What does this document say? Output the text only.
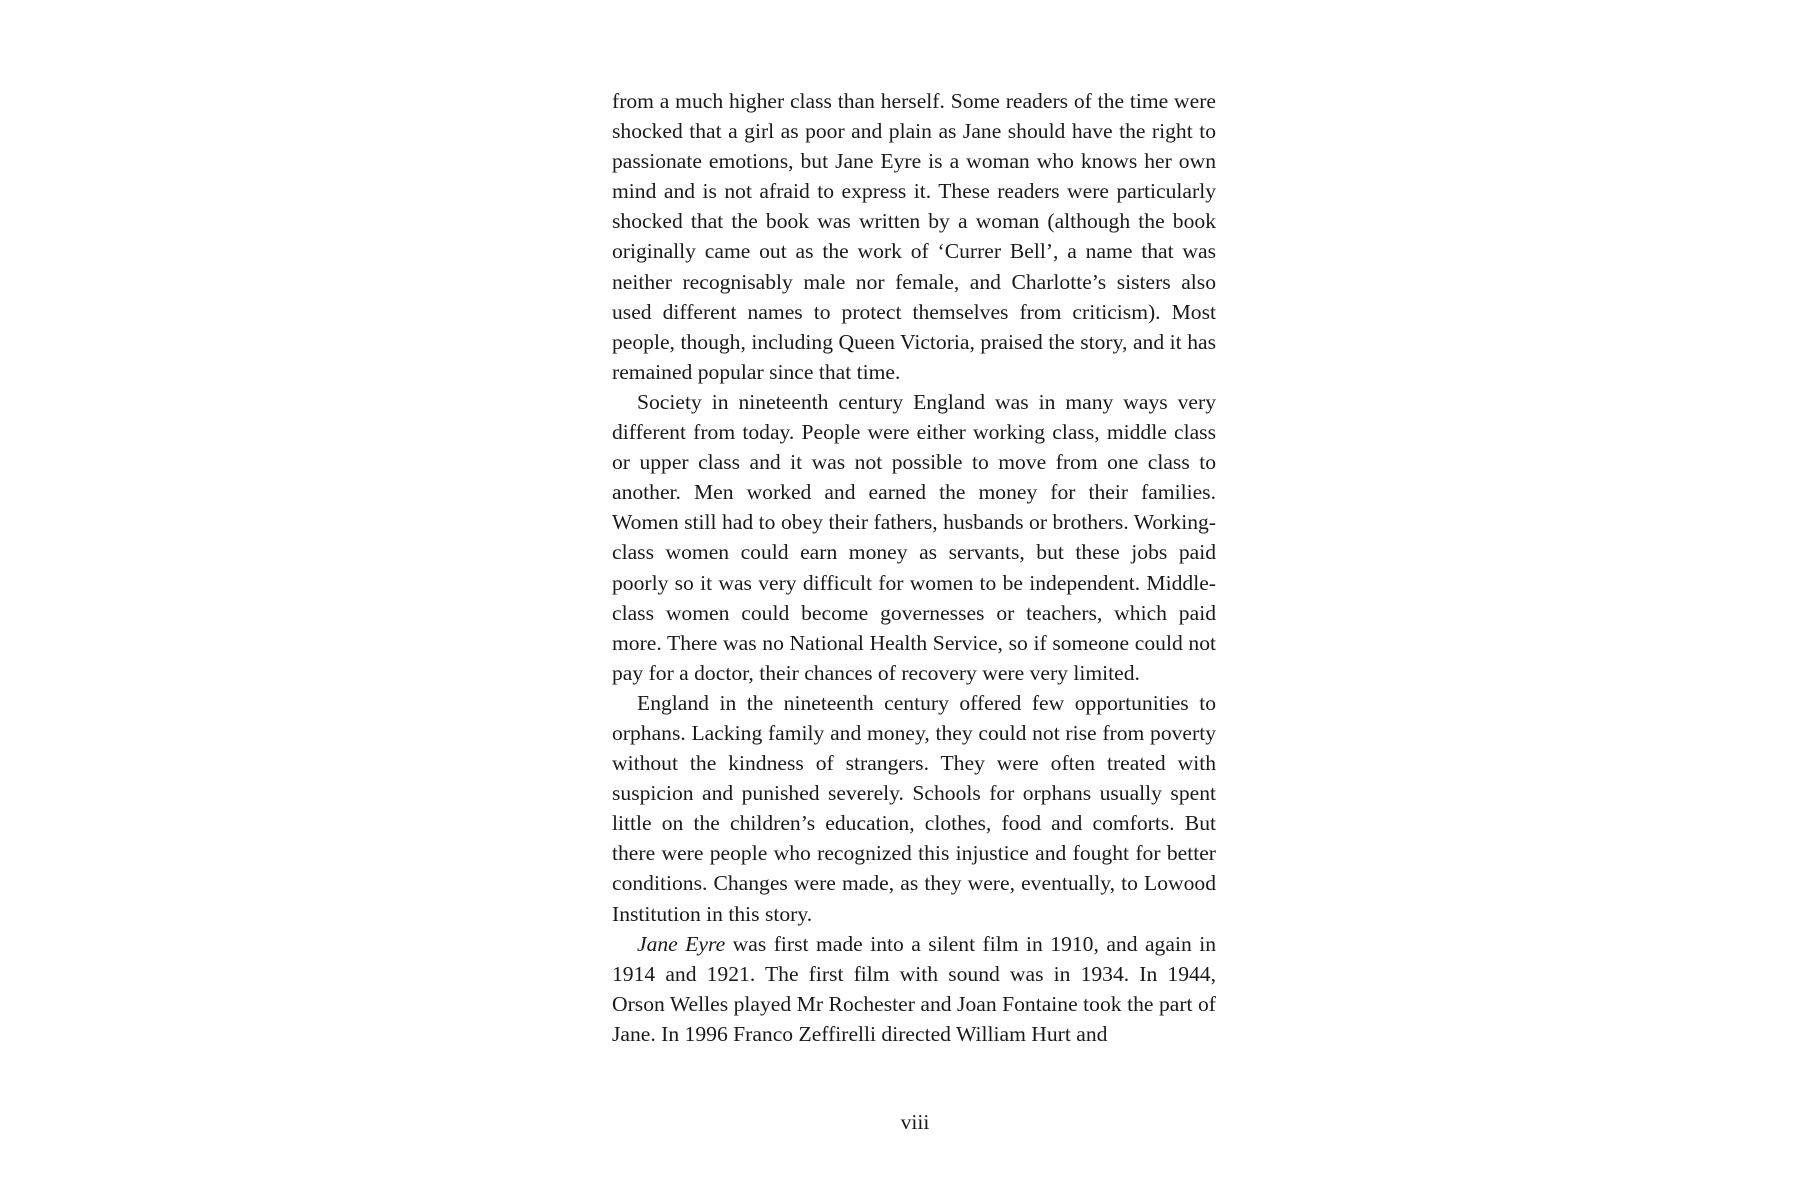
from a much higher class than herself. Some readers of the time were shocked that a girl as poor and plain as Jane should have the right to passionate emotions, but Jane Eyre is a woman who knows her own mind and is not afraid to express it. These readers were particularly shocked that the book was written by a woman (although the book originally came out as the work of ‘Currer Bell’, a name that was neither recognisably male nor female, and Charlotte’s sisters also used different names to protect themselves from criticism). Most people, though, including Queen Victoria, praised the story, and it has remained popular since that time.

Society in nineteenth century England was in many ways very different from today. People were either working class, middle class or upper class and it was not possible to move from one class to another. Men worked and earned the money for their families. Women still had to obey their fathers, husbands or brothers. Working-class women could earn money as servants, but these jobs paid poorly so it was very difficult for women to be independent. Middle-class women could become governesses or teachers, which paid more. There was no National Health Service, so if someone could not pay for a doctor, their chances of recovery were very limited.

England in the nineteenth century offered few opportunities to orphans. Lacking family and money, they could not rise from poverty without the kindness of strangers. They were often treated with suspicion and punished severely. Schools for orphans usually spent little on the children’s education, clothes, food and comforts. But there were people who recognized this injustice and fought for better conditions. Changes were made, as they were, eventually, to Lowood Institution in this story.

Jane Eyre was first made into a silent film in 1910, and again in 1914 and 1921. The first film with sound was in 1934. In 1944, Orson Welles played Mr Rochester and Joan Fontaine took the part of Jane. In 1996 Franco Zeffirelli directed William Hurt and

viii
